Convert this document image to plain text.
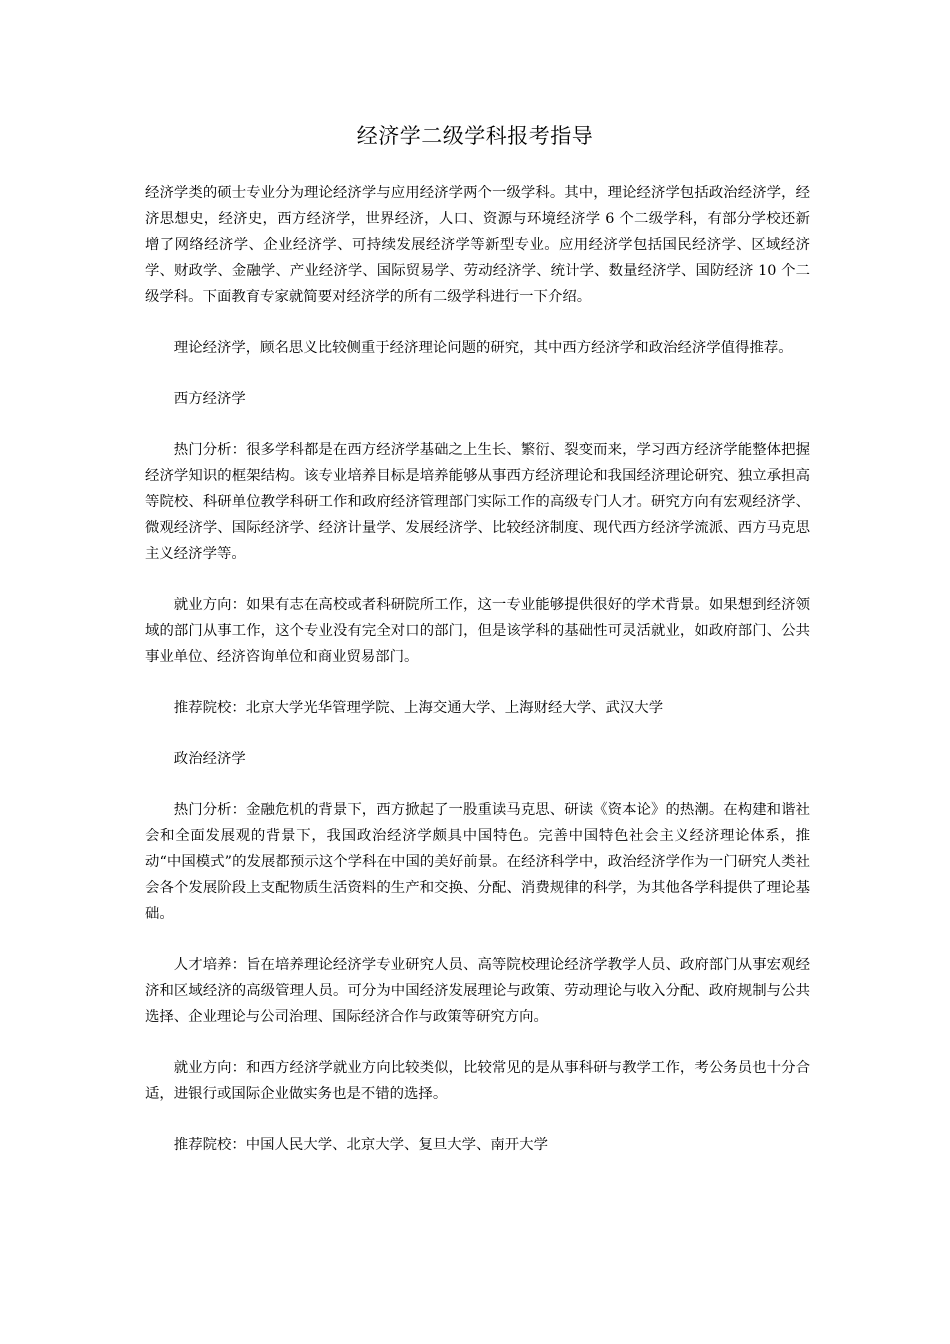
经济学二级学科报考指导

经济学类的硕士专业分为理论经济学与应用经济学两个一级学科。其中，理论经济学包括政治经济学，经济思想史，经济史，西方经济学，世界经济，人口、资源与环境经济学 6 个二级学科，有部分学校还新增了网络经济学、企业经济学、可持续发展经济学等新型专业。应用经济学包括国民经济学、区域经济学、财政学、金融学、产业经济学、国际贸易学、劳动经济学、统计学、数量经济学、国防经济 10 个二级学科。下面教育专家就简要对经济学的所有二级学科进行一下介绍。

理论经济学，顾名思义比较侧重于经济理论问题的研究，其中西方经济学和政治经济学值得推荐。

西方经济学

热门分析：很多学科都是在西方经济学基础之上生长、繁衍、裂变而来，学习西方经济学能整体把握经济学知识的框架结构。该专业培养目标是培养能够从事西方经济理论和我国经济理论研究、独立承担高等院校、科研单位教学科研工作和政府经济管理部门实际工作的高级专门人才。研究方向有宏观经济学、微观经济学、国际经济学、经济计量学、发展经济学、比较经济制度、现代西方经济学流派、西方马克思主义经济学等。

就业方向：如果有志在高校或者科研院所工作，这一专业能够提供很好的学术背景。如果想到经济领域的部门从事工作，这个专业没有完全对口的部门，但是该学科的基础性可灵活就业，如政府部门、公共事业单位、经济咨询单位和商业贸易部门。

推荐院校：北京大学光华管理学院、上海交通大学、上海财经大学、武汉大学

政治经济学

热门分析：金融危机的背景下，西方掀起了一股重读马克思、研读《资本论》的热潮。在构建和谐社会和全面发展观的背景下，我国政治经济学颇具中国特色。完善中国特色社会主义经济理论体系，推动“中国模式”的发展都预示这个学科在中国的美好前景。在经济科学中，政治经济学作为一门研究人类社会各个发展阶段上支配物质生活资料的生产和交换、分配、消费规律的科学，为其他各学科提供了理论基础。

人才培养：旨在培养理论经济学专业研究人员、高等院校理论经济学教学人员、政府部门从事宏观经济和区域经济的高级管理人员。可分为中国经济发展理论与政策、劳动理论与收入分配、政府规制与公共选择、企业理论与公司治理、国际经济合作与政策等研究方向。

就业方向：和西方经济学就业方向比较类似，比较常见的是从事科研与教学工作，考公务员也十分合适，进银行或国际企业做实务也是不错的选择。

推荐院校：中国人民大学、北京大学、复旦大学、南开大学
